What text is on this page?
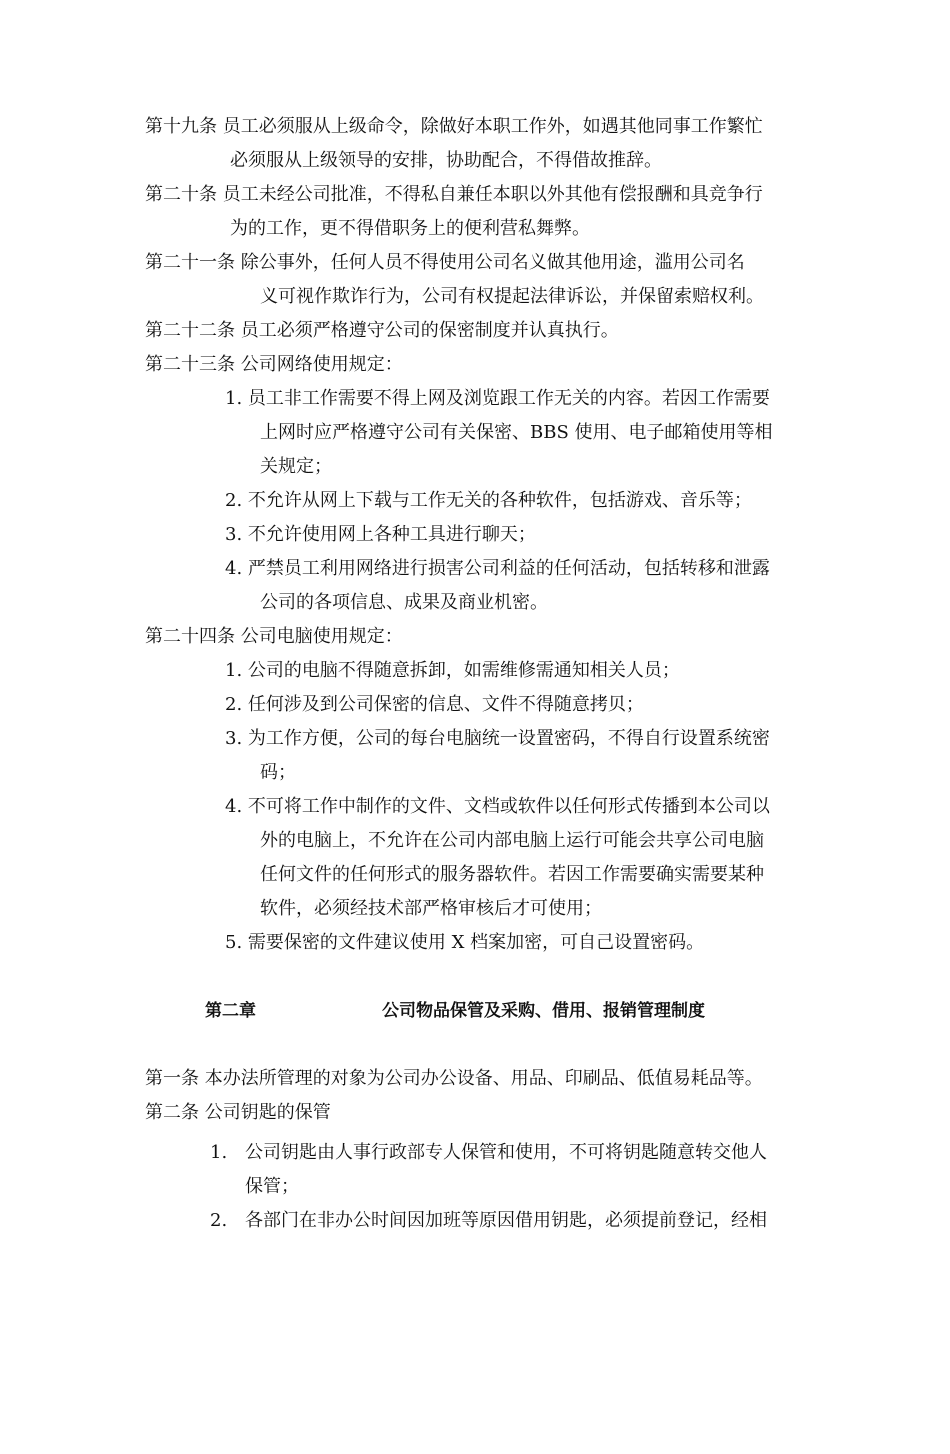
第十九条 员工必须服从上级命令，除做好本职工作外，如遇其他同事工作繁忙
必须服从上级领导的安排，协助配合，不得借故推辞。
第二十条 员工未经公司批准，不得私自兼任本职以外其他有偿报酬和具竞争行
为的工作，更不得借职务上的便利营私舞弊。
第二十一条 除公事外，任何人员不得使用公司名义做其他用途，滥用公司名
义可视作欺诈行为，公司有权提起法律诉讼，并保留索赔权利。
第二十二条 员工必须严格遵守公司的保密制度并认真执行。
第二十三条 公司网络使用规定：
1. 员工非工作需要不得上网及浏览跟工作无关的内容。若因工作需要
上网时应严格遵守公司有关保密、BBS 使用、电子邮箱使用等相
关规定；
2. 不允许从网上下载与工作无关的各种软件，包括游戏、音乐等；
3. 不允许使用网上各种工具进行聊天；
4. 严禁员工利用网络进行损害公司利益的任何活动，包括转移和泄露
公司的各项信息、成果及商业机密。
第二十四条 公司电脑使用规定：
1. 公司的电脑不得随意拆卸，如需维修需通知相关人员；
2. 任何涉及到公司保密的信息、文件不得随意拷贝；
3. 为工作方便，公司的每台电脑统一设置密码，不得自行设置系统密
码；
4. 不可将工作中制作的文件、文档或软件以任何形式传播到本公司以
外的电脑上，不允许在公司内部电脑上运行可能会共享公司电脑
任何文件的任何形式的服务器软件。若因工作需要确实需要某种
软件，必须经技术部严格审核后才可使用；
5. 需要保密的文件建议使用 X 档案加密，可自己设置密码。
第二章	公司物品保管及采购、借用、报销管理制度
第一条 本办法所管理的对象为公司办公设备、用品、印刷品、低值易耗品等。
第二条 公司钥匙的保管
1. 公司钥匙由人事行政部专人保管和使用，不可将钥匙随意转交他人
保管；
2. 各部门在非办公时间因加班等原因借用钥匙，必须提前登记，经相
